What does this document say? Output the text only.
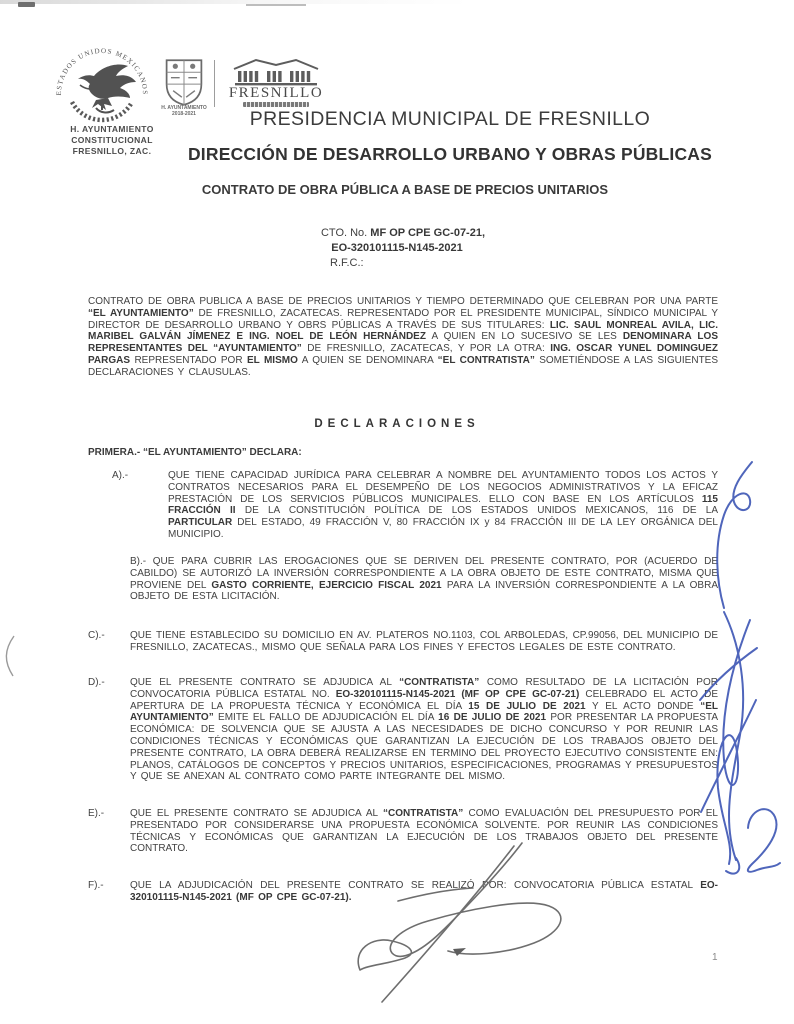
ESTADOS UNIDOS MEXICANOS
H. AYUNTAMIENTO
CONSTITUCIONAL
FRESNILLO, ZAC.
H. AYUNTAMIENTO
2018-2021
FRESNILLO
PRESIDENCIA MUNICIPAL DE FRESNILLO
DIRECCIÓN DE DESARROLLO URBANO Y OBRAS PÚBLICAS
CONTRATO DE OBRA PÚBLICA A BASE DE PRECIOS UNITARIOS
CTO. No. MF OP CPE GC-07-21,
EO-320101115-N145-2021
R.F.C.:
CONTRATO DE OBRA PUBLICA A BASE DE PRECIOS UNITARIOS Y TIEMPO DETERMINADO QUE CELEBRAN POR UNA PARTE “EL AYUNTAMIENTO” DE FRESNILLO, ZACATECAS. REPRESENTADO POR EL PRESIDENTE MUNICIPAL, SÍNDICO MUNICIPAL Y DIRECTOR DE DESARROLLO URBANO Y OBRS PÚBLICAS A TRAVÉS DE SUS TITULARES: LIC. SAUL MONREAL AVILA, LIC. MARIBEL GALVÁN JÍMENEZ E ING. NOEL DE LEÓN HERNÁNDEZ A QUIEN EN LO SUCESIVO SE LES DENOMINARA LOS REPRESENTANTES DEL “AYUNTAMIENTO” DE FRESNILLO, ZACATECAS, Y POR LA OTRA: ING. OSCAR YUNEL DOMINGUEZ PARGAS REPRESENTADO POR EL MISMO A QUIEN SE DENOMINARA “EL CONTRATISTA” SOMETIÉNDOSE A LAS SIGUIENTES DECLARACIONES Y CLAUSULAS.
DECLARACIONES
PRIMERA.- “EL AYUNTAMIENTO” DECLARA:
A).-	QUE TIENE CAPACIDAD JURÍDICA PARA CELEBRAR A NOMBRE DEL AYUNTAMIENTO TODOS LOS ACTOS Y CONTRATOS NECESARIOS PARA EL DESEMPEÑO DE LOS NEGOCIOS ADMINISTRATIVOS Y LA EFICAZ PRESTACIÓN DE LOS SERVICIOS PÚBLICOS MUNICIPALES. ELLO CON BASE EN LOS ARTÍCULOS 115 FRACCIÓN II DE LA CONSTITUCIÓN POLÍTICA DE LOS ESTADOS UNIDOS MEXICANOS, 116 DE LA PARTICULAR DEL ESTADO, 49 FRACCIÓN V, 80 FRACCIÓN IX y 84 FRACCIÓN III DE LA LEY ORGÁNICA DEL MUNICIPIO.
B).- QUE PARA CUBRIR LAS EROGACIONES QUE SE DERIVEN DEL PRESENTE CONTRATO, POR (ACUERDO DE CABILDO) SE AUTORIZÓ LA INVERSIÓN CORRESPONDIENTE A LA OBRA OBJETO DE ESTE CONTRATO, MISMA QUE PROVIENE DEL GASTO CORRIENTE, EJERCICIO FISCAL 2021 PARA LA INVERSIÓN CORRESPONDIENTE A LA OBRA OBJETO DE ESTA LICITACIÓN.
C).-	QUE TIENE ESTABLECIDO SU DOMICILIO EN AV. PLATEROS NO.1103, COL ARBOLEDAS, CP.99056, DEL MUNICIPIO DE FRESNILLO, ZACATECAS., MISMO QUE SEÑALA PARA LOS FINES Y EFECTOS LEGALES DE ESTE CONTRATO.
D).-	QUE EL PRESENTE CONTRATO SE ADJUDICA AL “CONTRATISTA” COMO RESULTADO DE LA LICITACIÓN POR CONVOCATORIA PÚBLICA ESTATAL NO. EO-320101115-N145-2021 (MF OP CPE GC-07-21) CELEBRADO EL ACTO DE APERTURA DE LA PROPUESTA TÉCNICA Y ECONÓMICA EL DÍA 15 DE JULIO DE 2021 Y EL ACTO DONDE “EL AYUNTAMIENTO” EMITE EL FALLO DE ADJUDICACIÓN EL DÍA 16 DE JULIO DE 2021 POR PRESENTAR LA PROPUESTA ECONÓMICA: DE SOLVENCIA QUE SE AJUSTA A LAS NECESIDADES DE DICHO CONCURSO Y POR REUNIR LAS CONDICIONES TÉCNICAS Y ECONÓMICAS QUE GARANTIZAN LA EJECUCIÓN DE LOS TRABAJOS OBJETO DEL PRESENTE CONTRATO, LA OBRA DEBERÁ REALIZARSE EN TERMINO DEL PROYECTO EJECUTIVO CONSISTENTE EN: PLANOS, CATÁLOGOS DE CONCEPTOS Y PRECIOS UNITARIOS, ESPECIFICACIONES, PROGRAMAS Y PRESUPUESTOS Y QUE SE ANEXAN AL CONTRATO COMO PARTE INTEGRANTE DEL MISMO.
E).-	QUE EL PRESENTE CONTRATO SE ADJUDICA AL “CONTRATISTA” COMO EVALUACIÓN DEL PRESUPUESTO POR EL PRESENTADO POR CONSIDERARSE UNA PROPUESTA ECONÓMICA SOLVENTE. POR REUNIR LAS CONDICIONES TÉCNICAS Y ECONÓMICAS QUE GARANTIZAN LA EJECUCIÓN DE LOS TRABAJOS OBJETO DEL PRESENTE CONTRATO.
F).-	QUE LA ADJUDICACIÓN DEL PRESENTE CONTRATO SE REALIZÓ POR: CONVOCATORIA PÚBLICA ESTATAL EO-320101115-N145-2021 (MF OP CPE GC-07-21).
1
